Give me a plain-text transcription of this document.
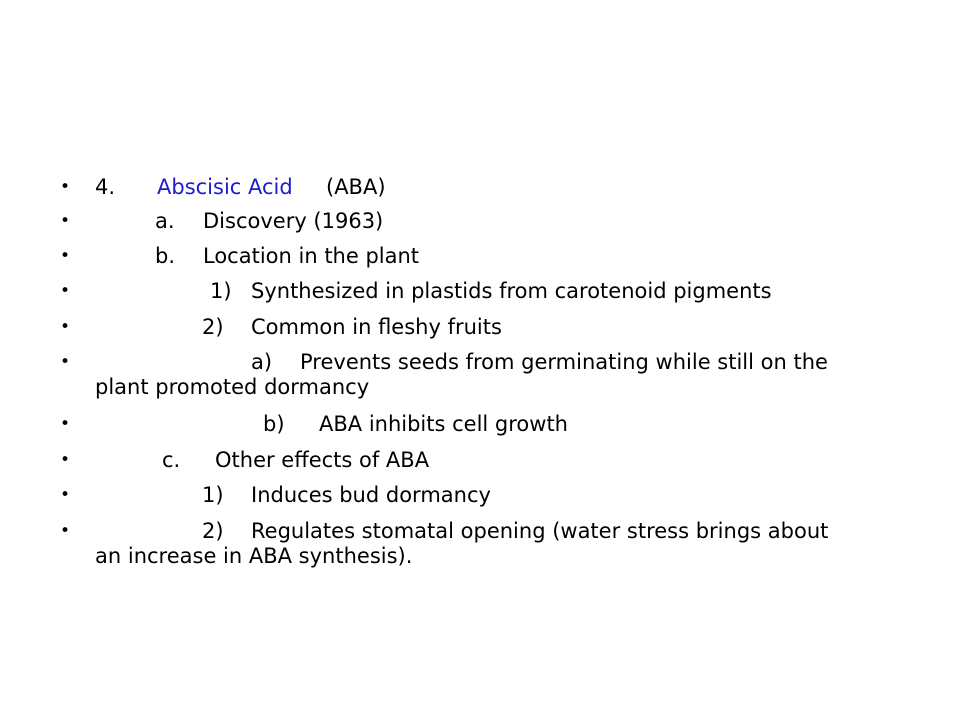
•	4. Abscisic Acid (ABA)
•	a. Discovery (1963)
•	b. Location in the plant
•	1) Synthesized in plastids from carotenoid pigments
•	2) Common in fleshy fruits
•	a) Prevents seeds from germinating while still on the
plant promoted dormancy
•	b) ABA inhibits cell growth
•	c. Other effects of ABA
•	1) Induces bud dormancy
•	2) Regulates stomatal opening (water stress brings about
an increase in ABA synthesis).
